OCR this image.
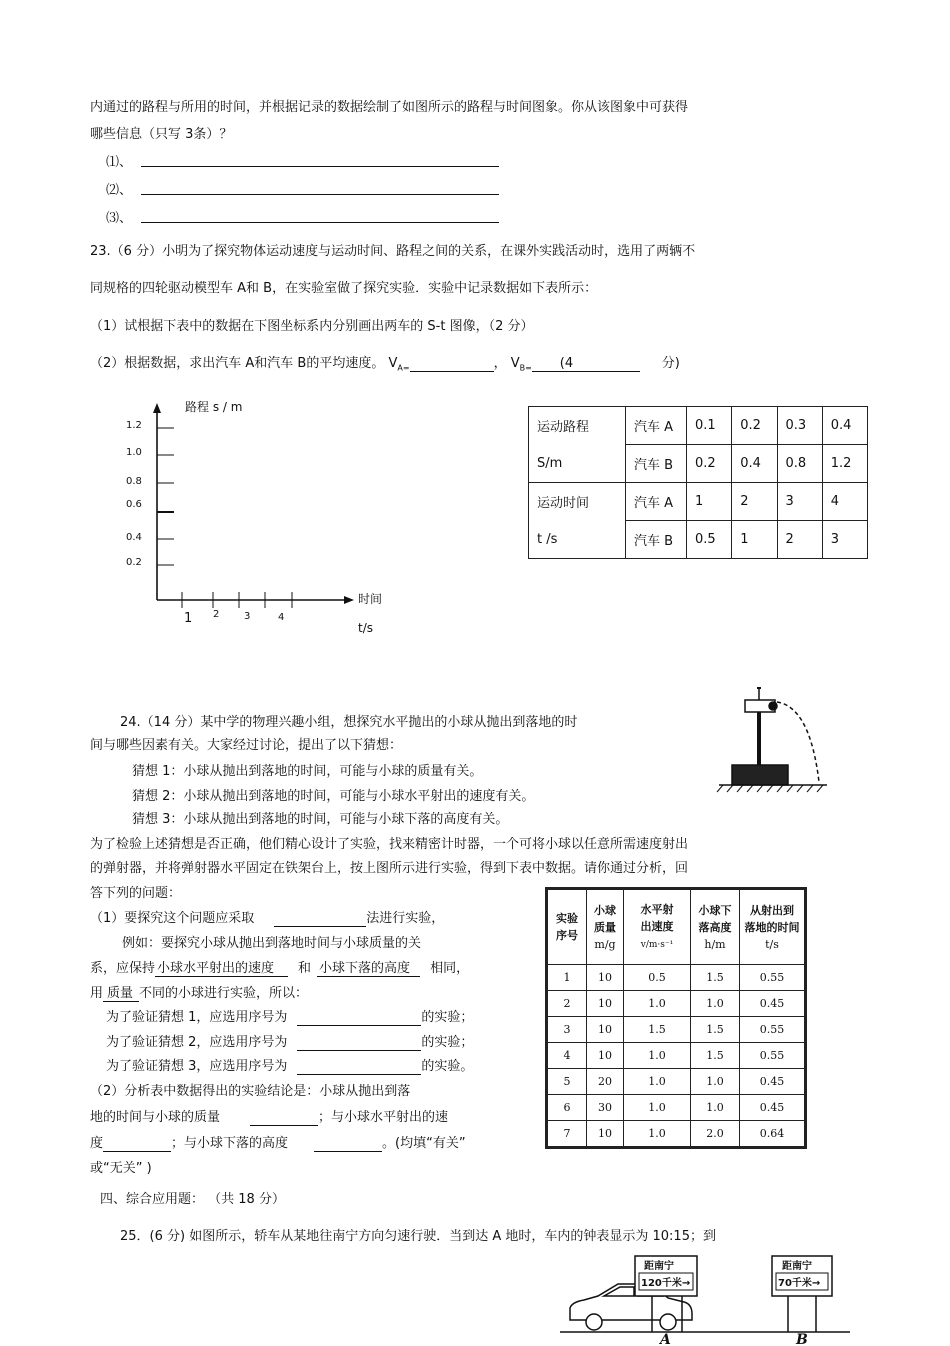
内通过的路程与所用的时间，并根据记录的数据绘制了如图所示的路程与时间图象。你从该图象中可获得
哪些信息（只写 3条）？
⑴、
⑵、
⑶、
23.（6 分）小明为了探究物体运动速度与运动时间、路程之间的关系，在课外实践活动时，选用了两辆不
同规格的四轮驱动模型车 A和 B，在实验室做了探究实验．实验中记录数据如下表所示：
（1）试根据下表中的数据在下图坐标系内分别画出两车的 S-t 图像，（2 分）
（2）根据数据，求出汽车 A和汽车 B的平均速度。 $V_{A=}$	， $V_{B=}$ (4	分)
路程 s / m
1.2
1.0
0.8
0.6
0.4
0.2
1 2 3	4
时间
t/s
运动路程	汽车 A	0.1	0.2	0.3	0.4
S/m	汽车 B	0.2	0.4	0.8	1.2
运动时间	汽车 A	1	2	3	4
t /s	汽车 B	0.5	1	2	3
24.（14 分）某中学的物理兴趣小组，想探究水平抛出的小球从抛出到落地的时
间与哪些因素有关。大家经过讨论，提出了以下猜想：
猜想 1：小球从抛出到落地的时间，可能与小球的质量有关。
猜想 2：小球从抛出到落地的时间，可能与小球水平射出的速度有关。
猜想 3：小球从抛出到落地的时间，可能与小球下落的高度有关。
为了检验上述猜想是否正确，他们精心设计了实验，找来精密计时器，一个可将小球以任意所需速度射出
的弹射器，并将弹射器水平固定在铁架台上，按上图所示进行实验，得到下表中数据。请你通过分析，回
答下列的问题：
（1）要探究这个问题应采取	法进行实验，
例如：要探究小球从抛出到落地时间与小球质量的关
系，应保持 小球水平射出的速度 和 小球下落的高度 相同，
用 质量 不同的小球进行实验，所以：
为了验证猜想 1，应选用序号为	的实验；
为了验证猜想 2，应选用序号为	的实验；
为了验证猜想 3，应选用序号为	的实验。
（2）分析表中数据得出的实验结论是：小球从抛出到落
地的时间与小球的质量	；与小球水平射出的速
度	；与小球下落的高度	。(均填“有关”
或“无关” )
实验
序号	小球
质量
m/g	水平射
出速度
v/m·s⁻¹	小球下
落高度
h/m	从射出到
落地的时间
t/s

1	10	0.5	1.5	0.55
2	10	1.0	1.0	0.45
3	10	1.5	1.5	0.55
4	10	1.0	1.5	0.55
5	20	1.0	1.0	0.45
6	30	1.0	1.0	0.45
7	10	1.0	2.0	0.64
四、综合应用题： （共 18 分）
25．(6 分) 如图所示，轿车从某地往南宁方向匀速行驶．当到达 A 地时，车内的钟表显示为 10:15；到
距南宁
120千米→
距南宁
70千米→
A	B
